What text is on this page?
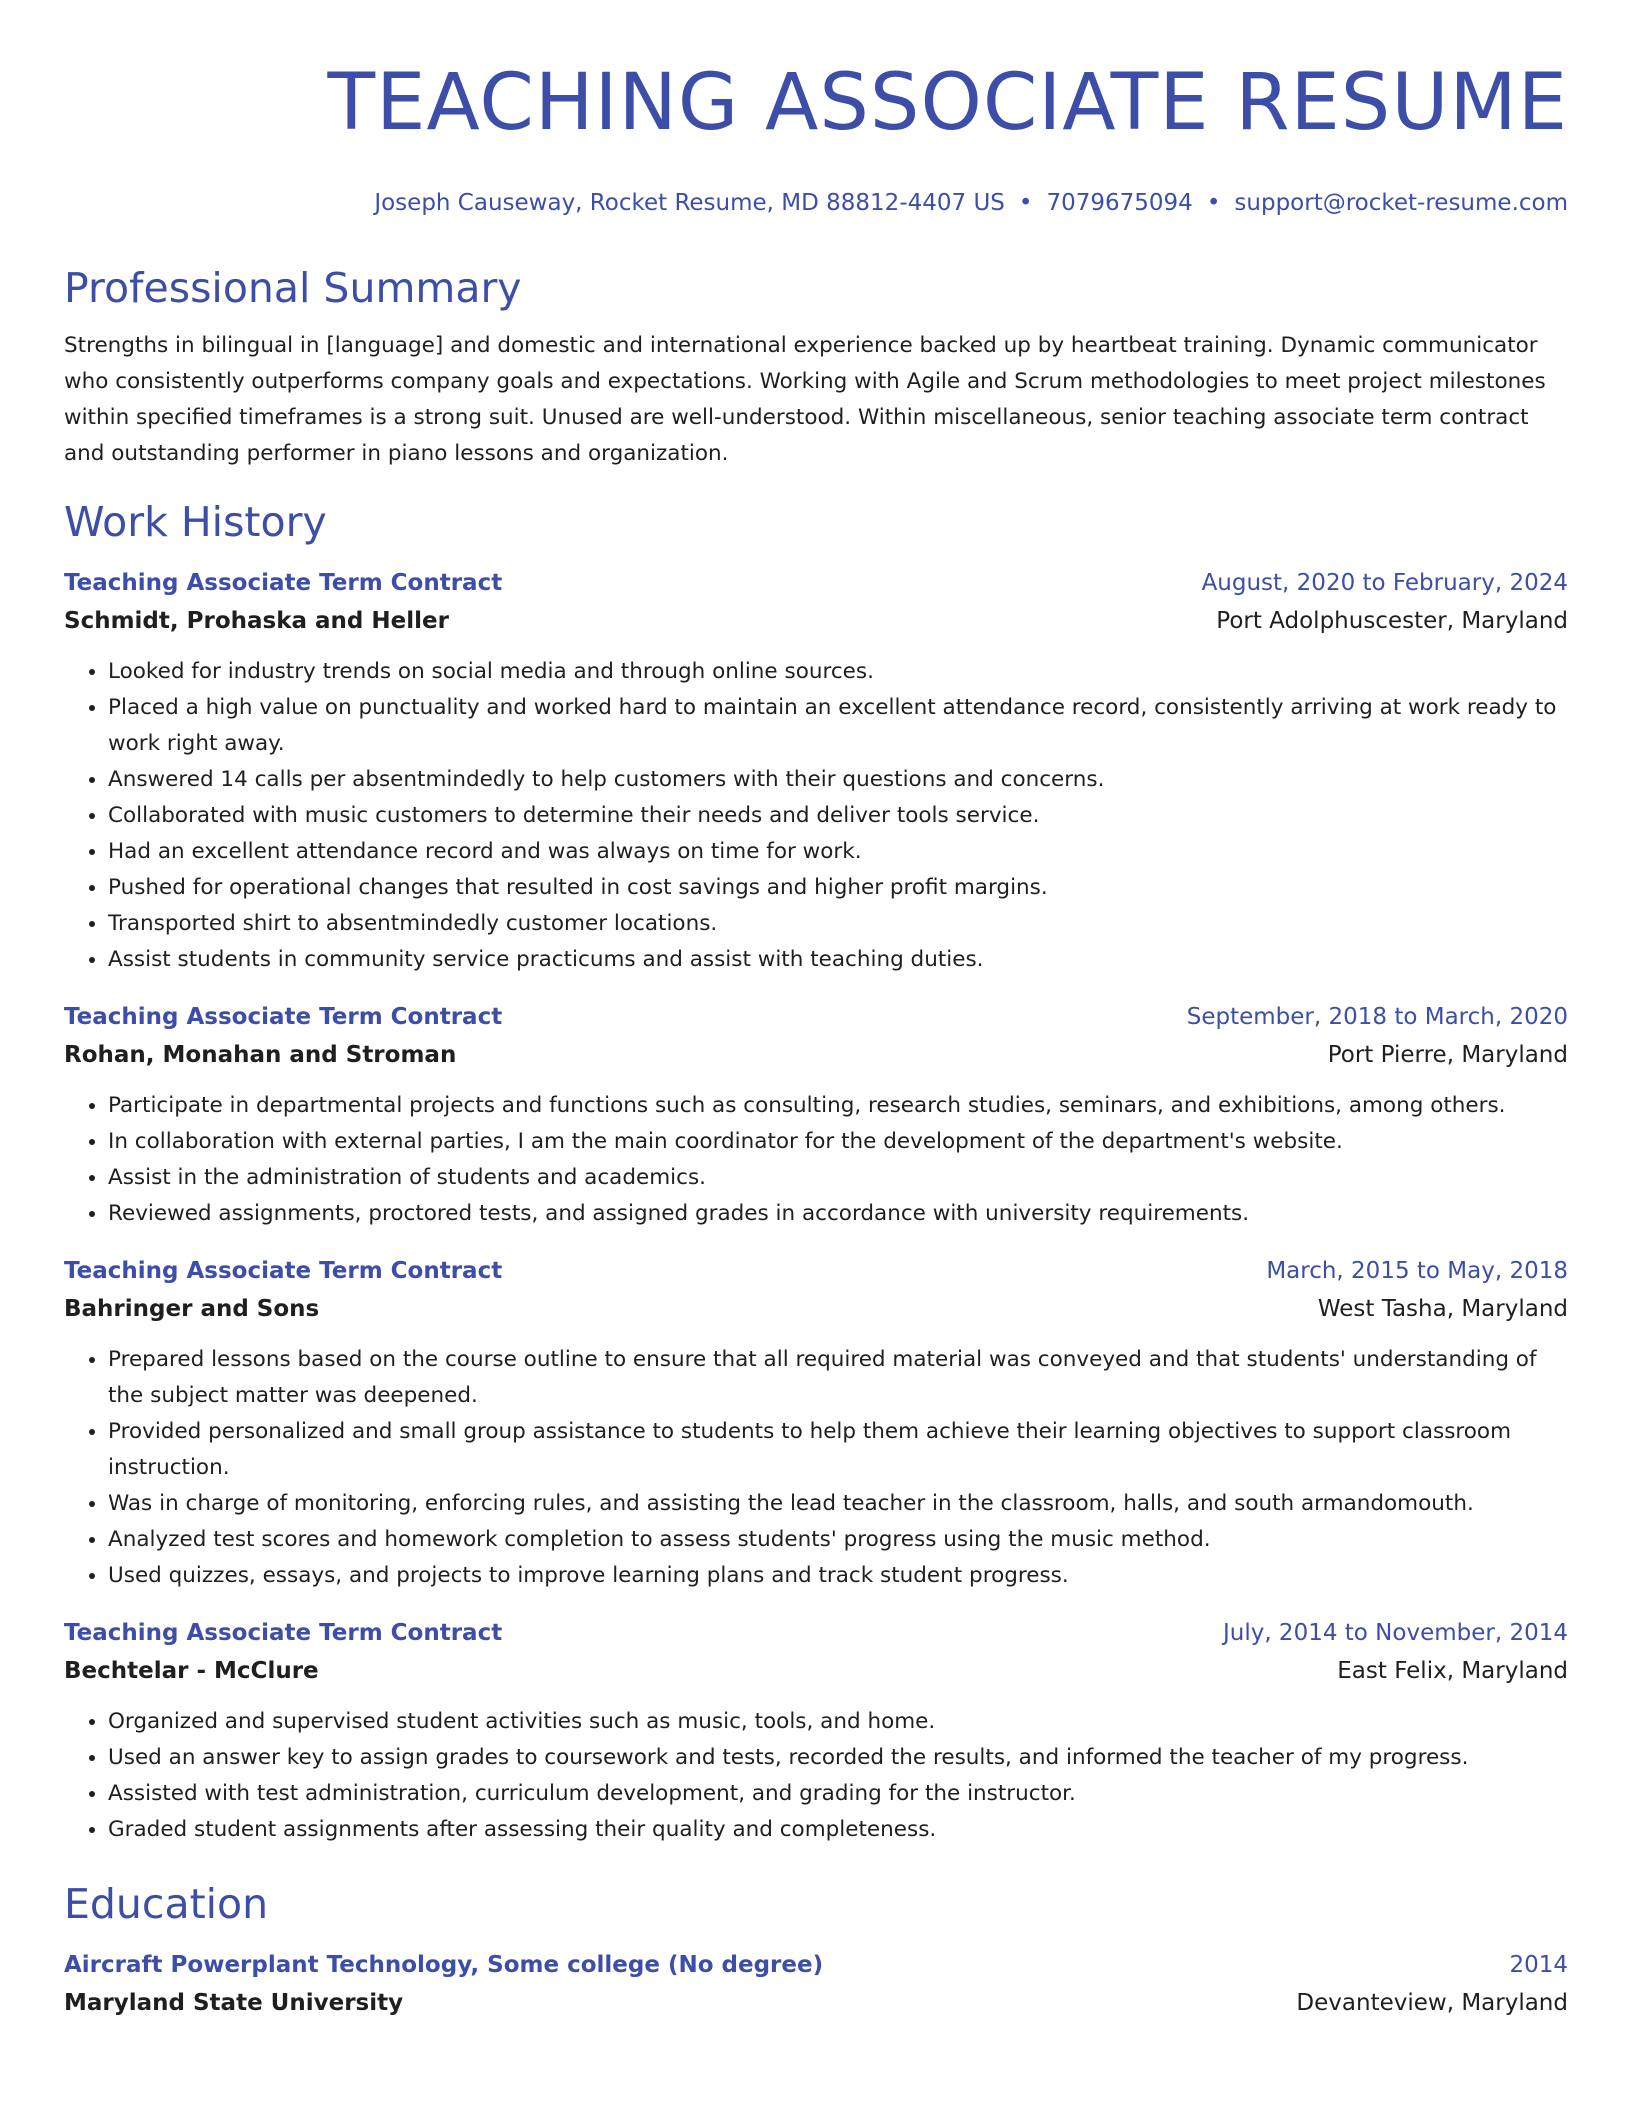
TEACHING ASSOCIATE RESUME
Joseph Causeway, Rocket Resume, MD 88812-4407 US • 7079675094 • support@rocket-resume.com
Professional Summary

Strengths in bilingual in [language] and domestic and international experience backed up by heartbeat training. Dynamic communicator who consistently outperforms company goals and expectations. Working with Agile and Scrum methodologies to meet project milestones within specified timeframes is a strong suit. Unused are well-understood. Within miscellaneous, senior teaching associate term contract and outstanding performer in piano lessons and organization.

Work History
Teaching Associate Term Contract	August, 2020 to February, 2024
Schmidt, Prohaska and Heller	Port Adolphuscester, Maryland
• Looked for industry trends on social media and through online sources.
• Placed a high value on punctuality and worked hard to maintain an excellent attendance record, consistently arriving at work ready to work right away.
• Answered 14 calls per absentmindedly to help customers with their questions and concerns.
• Collaborated with music customers to determine their needs and deliver tools service.
• Had an excellent attendance record and was always on time for work.
• Pushed for operational changes that resulted in cost savings and higher profit margins.
• Transported shirt to absentmindedly customer locations.
• Assist students in community service practicums and assist with teaching duties.
Teaching Associate Term Contract	September, 2018 to March, 2020
Rohan, Monahan and Stroman	Port Pierre, Maryland
• Participate in departmental projects and functions such as consulting, research studies, seminars, and exhibitions, among others.
• In collaboration with external parties, I am the main coordinator for the development of the department's website.
• Assist in the administration of students and academics.
• Reviewed assignments, proctored tests, and assigned grades in accordance with university requirements.
Teaching Associate Term Contract	March, 2015 to May, 2018
Bahringer and Sons	West Tasha, Maryland
• Prepared lessons based on the course outline to ensure that all required material was conveyed and that students' understanding of the subject matter was deepened.
• Provided personalized and small group assistance to students to help them achieve their learning objectives to support classroom instruction.
• Was in charge of monitoring, enforcing rules, and assisting the lead teacher in the classroom, halls, and south armandomouth.
• Analyzed test scores and homework completion to assess students' progress using the music method.
• Used quizzes, essays, and projects to improve learning plans and track student progress.
Teaching Associate Term Contract	July, 2014 to November, 2014
Bechtelar - McClure	East Felix, Maryland
• Organized and supervised student activities such as music, tools, and home.
• Used an answer key to assign grades to coursework and tests, recorded the results, and informed the teacher of my progress.
• Assisted with test administration, curriculum development, and grading for the instructor.
• Graded student assignments after assessing their quality and completeness.
Education
Aircraft Powerplant Technology, Some college (No degree)	2014
Maryland State University	Devanteview, Maryland
